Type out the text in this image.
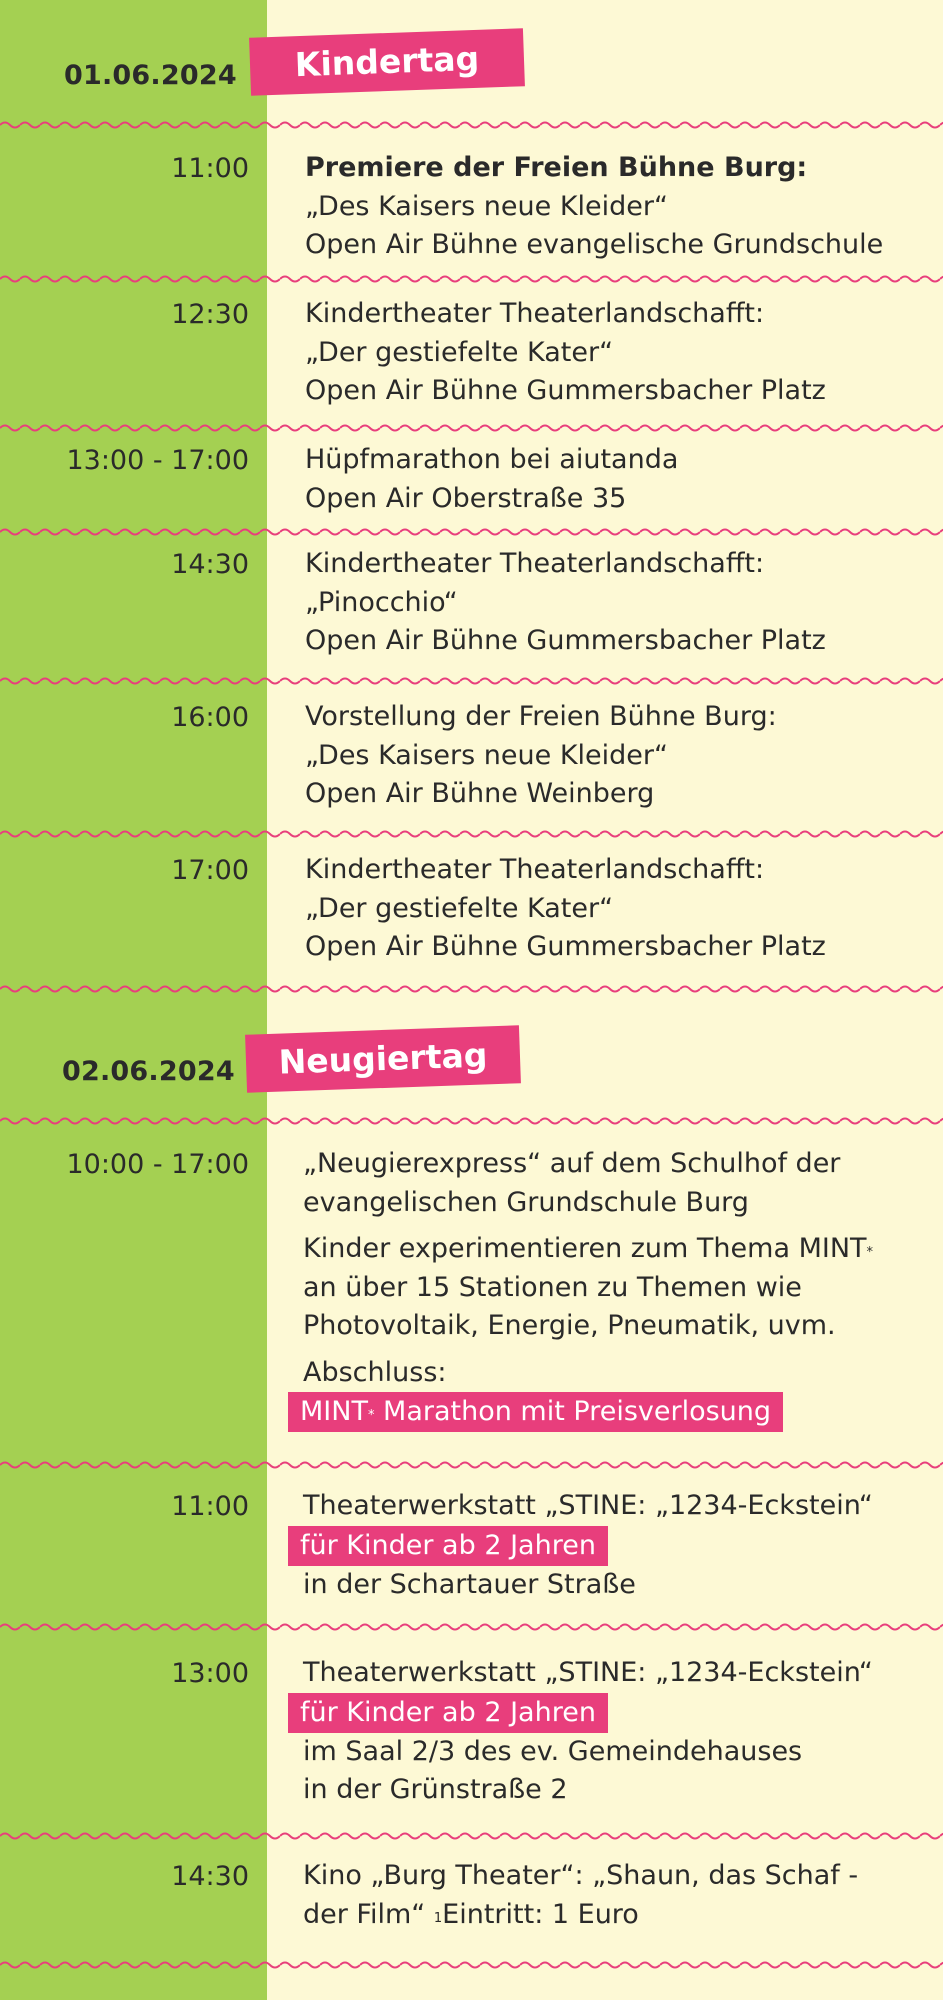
01.06.2024	Kindertag
11:00 Premiere der Freien Bühne Burg:
„Des Kaisers neue Kleider“
Open Air Bühne evangelische Grundschule
12:30 Kindertheater Theaterlandschafft:
„Der gestiefelte Kater“
Open Air Bühne Gummersbacher Platz
13:00 - 17:00 Hüpfmarathon bei aiutanda
Open Air Oberstraße 35
14:30 Kindertheater Theaterlandschafft:
„Pinocchio“
Open Air Bühne Gummersbacher Platz
16:00 Vorstellung der Freien Bühne Burg:
„Des Kaisers neue Kleider“
Open Air Bühne Weinberg
17:00 Kindertheater Theaterlandschafft:
„Der gestiefelte Kater“
Open Air Bühne Gummersbacher Platz
02.06.2024	Neugiertag
10:00 - 17:00 „Neugierexpress“ auf dem Schulhof der
evangelischen Grundschule Burg
Kinder experimentieren zum Thema MINT*
an über 15 Stationen zu Themen wie
Photovoltaik, Energie, Pneumatik, uvm.
Abschluss:
MINT* Marathon mit Preisverlosung
11:00 Theaterwerkstatt „STINE: „1234-Eckstein“
für Kinder ab 2 Jahren
in der Schartauer Straße
13:00 Theaterwerkstatt „STINE: „1234-Eckstein“
für Kinder ab 2 Jahren
im Saal 2/3 des ev. Gemeindehauses
in der Grünstraße 2
14:30 Kino „Burg Theater“: „Shaun, das Schaf -
der Film“ $^1$Eintritt: 1 Euro
